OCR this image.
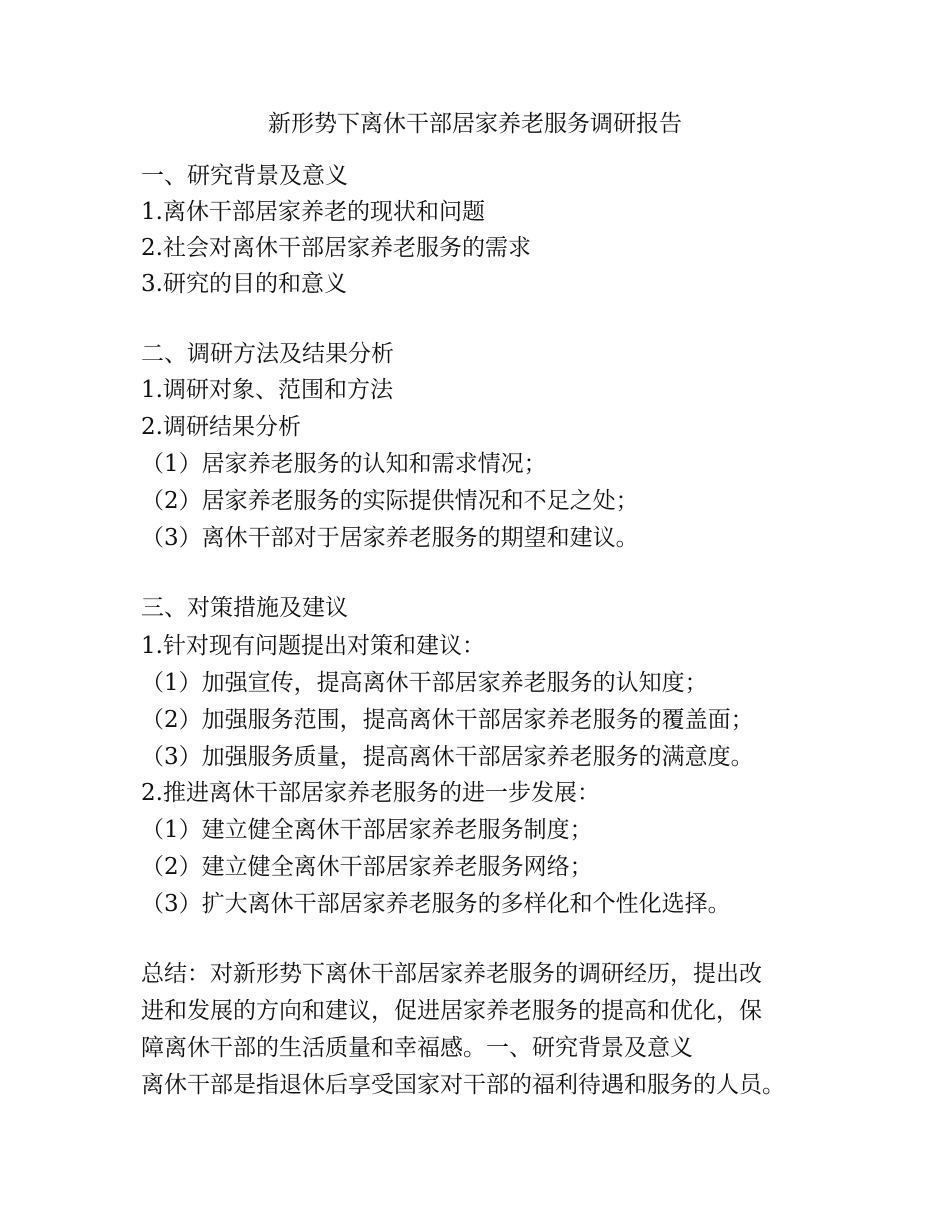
新形势下离休干部居家养老服务调研报告
一、研究背景及意义
1.离休干部居家养老的现状和问题
2.社会对离休干部居家养老服务的需求
3.研究的目的和意义
二、调研方法及结果分析
1.调研对象、范围和方法
2.调研结果分析
（1）居家养老服务的认知和需求情况；
（2）居家养老服务的实际提供情况和不足之处；
（3）离休干部对于居家养老服务的期望和建议。
三、对策措施及建议
1.针对现有问题提出对策和建议：
（1）加强宣传，提高离休干部居家养老服务的认知度；
（2）加强服务范围，提高离休干部居家养老服务的覆盖面；
（3）加强服务质量，提高离休干部居家养老服务的满意度。
2.推进离休干部居家养老服务的进一步发展：
（1）建立健全离休干部居家养老服务制度；
（2）建立健全离休干部居家养老服务网络；
（3）扩大离休干部居家养老服务的多样化和个性化选择。
总结：对新形势下离休干部居家养老服务的调研经历，提出改
进和发展的方向和建议，促进居家养老服务的提高和优化，保
障离休干部的生活质量和幸福感。一、研究背景及意义
离休干部是指退休后享受国家对干部的福利待遇和服务的人员。
